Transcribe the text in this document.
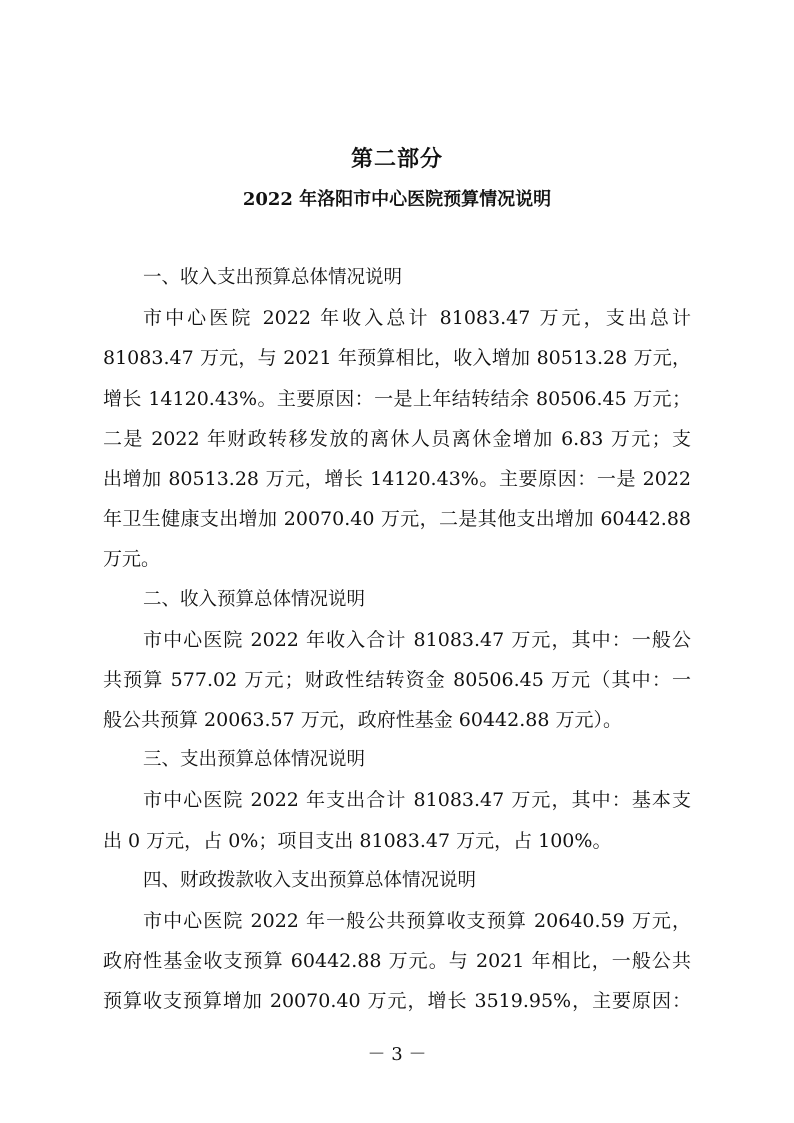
第二部分
2022 年洛阳市中心医院预算情况说明
一、收入支出预算总体情况说明
市中心医院 2022 年收入总计 81083.47 万元，支出总计
81083.47 万元，与 2021 年预算相比，收入增加 80513.28 万元，
增长 14120.43%。主要原因：一是上年结转结余 80506.45 万元；
二是 2022 年财政转移发放的离休人员离休金增加 6.83 万元；支
出增加 80513.28 万元，增长 14120.43%。主要原因：一是 2022
年卫生健康支出增加 20070.40 万元，二是其他支出增加 60442.88
万元。
二、收入预算总体情况说明
市中心医院 2022 年收入合计 81083.47 万元，其中：一般公
共预算 577.02 万元；财政性结转资金 80506.45 万元（其中：一
般公共预算 20063.57 万元，政府性基金 60442.88 万元）。
三、支出预算总体情况说明
市中心医院 2022 年支出合计 81083.47 万元，其中：基本支
出 0 万元，占 0%；项目支出 81083.47 万元，占 100%。
四、财政拨款收入支出预算总体情况说明
市中心医院 2022 年一般公共预算收支预算 20640.59 万元，
政府性基金收支预算 60442.88 万元。与 2021 年相比，一般公共
预算收支预算增加 20070.40 万元，增长 3519.95%，主要原因：
－ 3 －
